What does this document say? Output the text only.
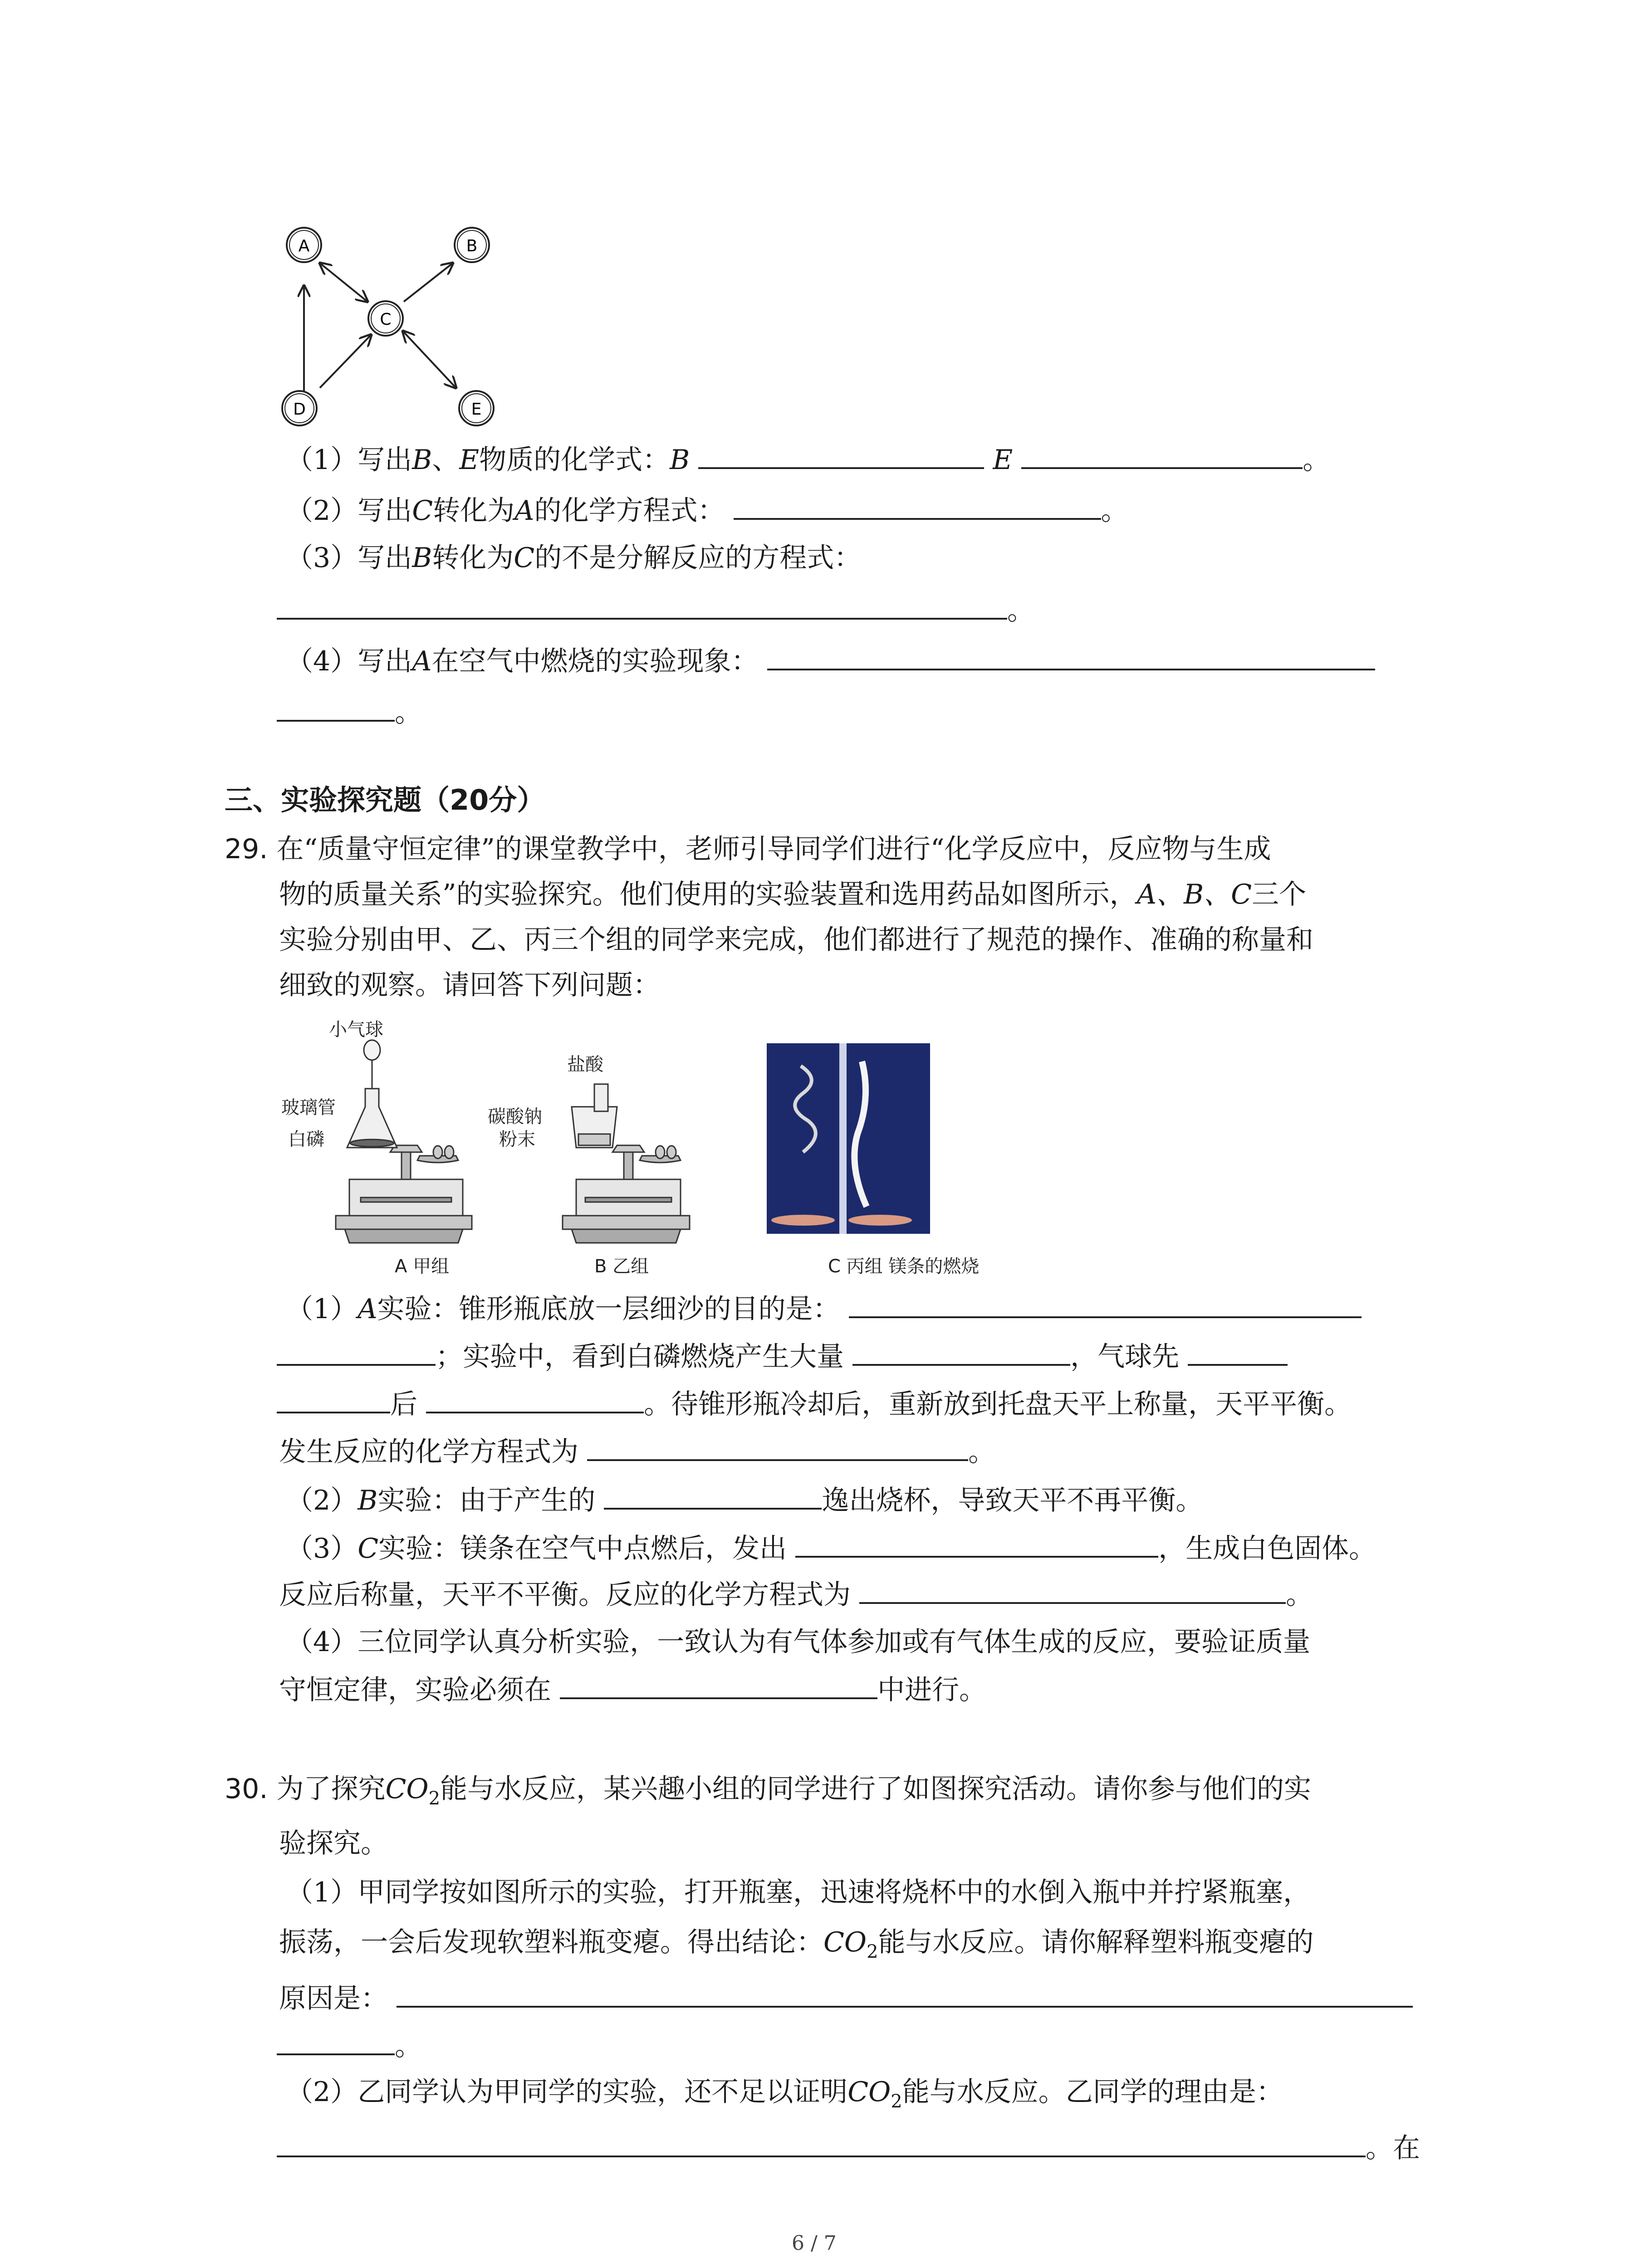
A	B
C
D	E
（1）写出B、E物质的化学式：B	E	。
（2）写出C转化为A的化学方程式：	。
（3）写出B转化为C的不是分解反应的方程式：
。
（4）写出A在空气中燃烧的实验现象：
。
三、实验探究题（20分）
29. 在“质量守恒定律”的课堂教学中，老师引导同学们进行“化学反应中，反应物与生成
物的质量关系”的实验探究。他们使用的实验装置和选用药品如图所示，A、B、C三个
实验分别由甲、乙、丙三个组的同学来完成，他们都进行了规范的操作、准确的称量和
细致的观察。请回答下列问题：
小气球
玻璃管
白磷
A 甲组
盐酸
碳酸钠
粉末
B 乙组	C 丙组 镁条的燃烧
（1）A实验：锥形瓶底放一层细沙的目的是：
；实验中，看到白磷燃烧产生大量	，气球先
后	。待锥形瓶冷却后，重新放到托盘天平上称量，天平平衡。
发生反应的化学方程式为	。
（2）B实验：由于产生的	逸出烧杯，导致天平不再平衡。
（3）C实验：镁条在空气中点燃后，发出	，生成白色固体。
反应后称量，天平不平衡。反应的化学方程式为	。
（4）三位同学认真分析实验，一致认为有气体参加或有气体生成的反应，要验证质量
守恒定律，实验必须在	中进行。
30. 为了探究$CO_2$能与水反应，某兴趣小组的同学进行了如图探究活动。请你参与他们的实
验探究。
（1）甲同学按如图所示的实验，打开瓶塞，迅速将烧杯中的水倒入瓶中并拧紧瓶塞，
振荡，一会后发现软塑料瓶变瘪。得出结论：$CO_2$能与水反应。请你解释塑料瓶变瘪的
原因是：
。
（2）乙同学认为甲同学的实验，还不足以证明$CO_2$能与水反应。乙同学的理由是：
。在
6 / 7
